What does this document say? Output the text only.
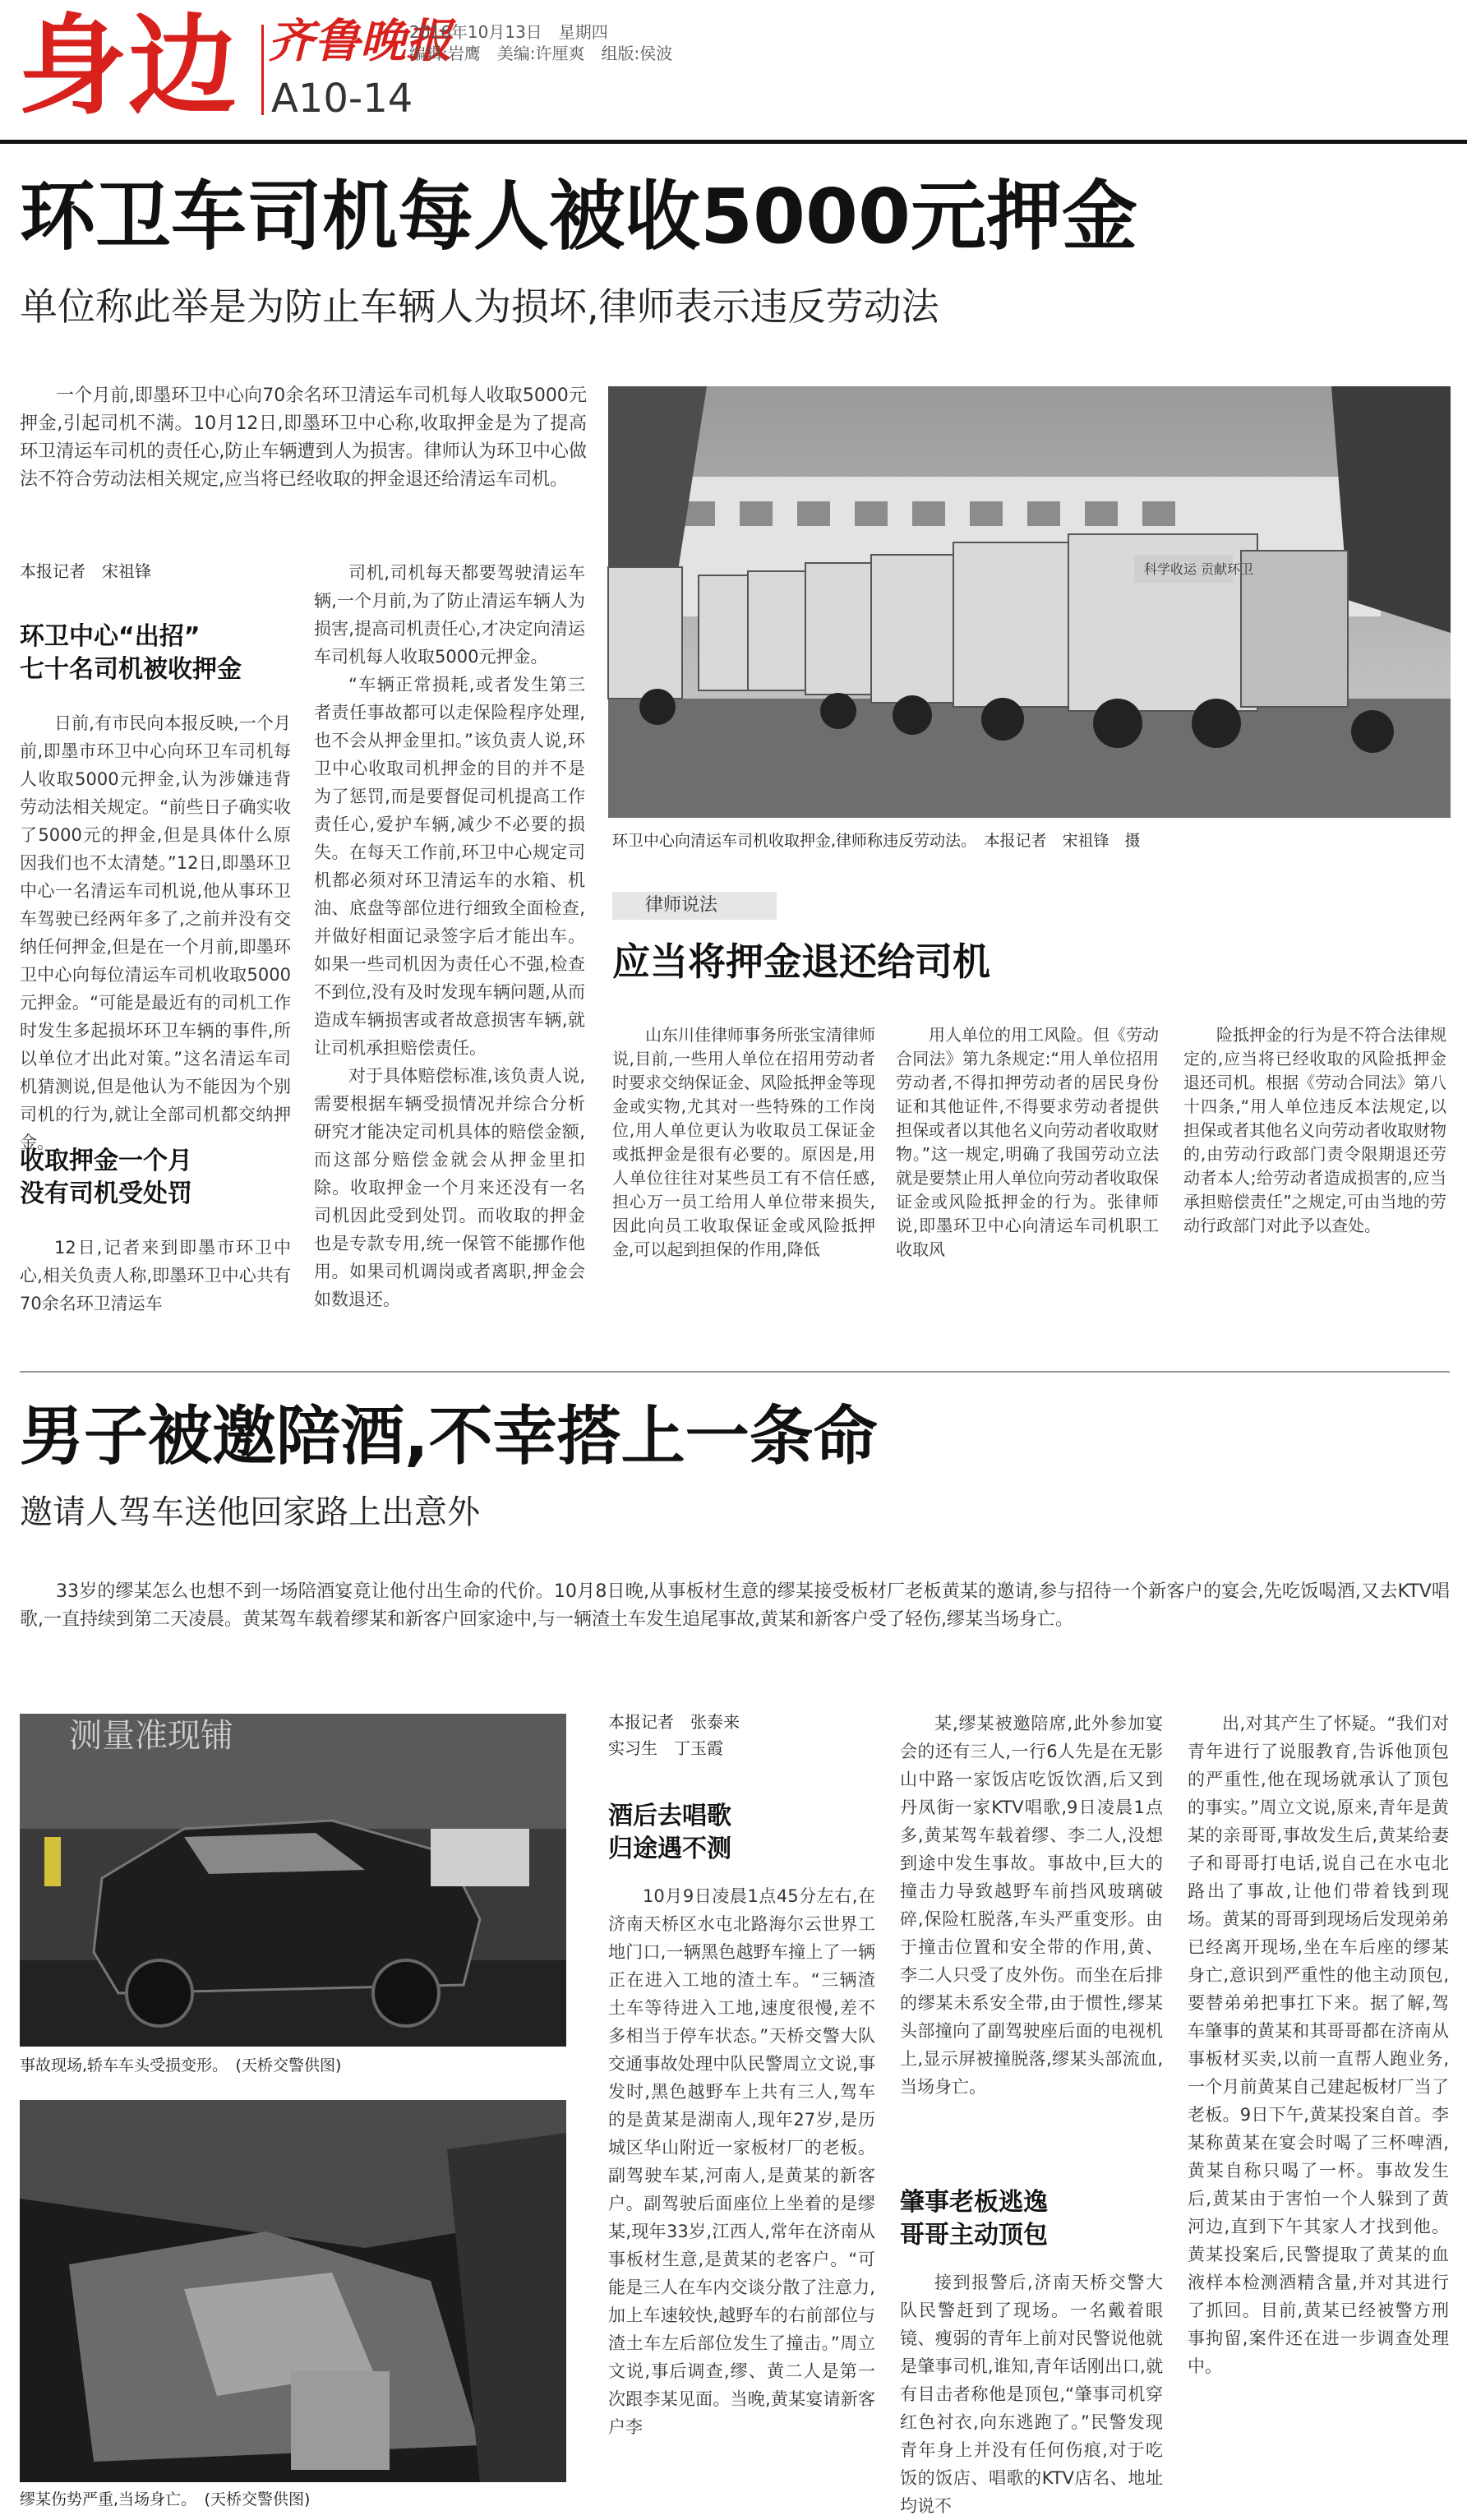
身边 齐鲁晚报
A10-14
2016年10月13日　星期四
编辑:岩鹰　美编:许厘爽　组版:侯波
环卫车司机每人被收5000元押金
单位称此举是为防止车辆人为损坏,律师表示违反劳动法

一个月前,即墨环卫中心向70余名环卫清运车司机每人收取5000元押金,引起司机不满。10月12日,即墨环卫中心称,收取押金是为了提高环卫清运车司机的责任心,防止车辆遭到人为损害。律师认为环卫中心做法不符合劳动法相关规定,应当将已经收取的押金退还给清运车司机。

本报记者　宋祖锋
环卫中心“出招”
七十名司机被收押金

日前,有市民向本报反映,一个月前,即墨市环卫中心向环卫车司机每人收取5000元押金,认为涉嫌违背劳动法相关规定。“前些日子确实收了5000元的押金,但是具体什么原因我们也不太清楚。”12日,即墨环卫中心一名清运车司机说,他从事环卫车驾驶已经两年多了,之前并没有交纳任何押金,但是在一个月前,即墨环卫中心向每位清运车司机收取5000元押金。“可能是最近有的司机工作时发生多起损坏环卫车辆的事件,所以单位才出此对策。”这名清运车司机猜测说,但是他认为不能因为个别司机的行为,就让全部司机都交纳押金。

收取押金一个月
没有司机受处罚

12日,记者来到即墨市环卫中心,相关负责人称,即墨环卫中心共有70余名环卫清运车

司机,司机每天都要驾驶清运车辆,一个月前,为了防止清运车辆人为损害,提高司机责任心,才决定向清运车司机每人收取5000元押金。

“车辆正常损耗,或者发生第三者责任事故都可以走保险程序处理,也不会从押金里扣。”该负责人说,环卫中心收取司机押金的目的并不是为了惩罚,而是要督促司机提高工作责任心,爱护车辆,减少不必要的损失。在每天工作前,环卫中心规定司机都必须对环卫清运车的水箱、机油、底盘等部位进行细致全面检查,并做好相面记录签字后才能出车。如果一些司机因为责任心不强,检查不到位,没有及时发现车辆问题,从而造成车辆损害或者故意损害车辆,就让司机承担赔偿责任。

对于具体赔偿标准,该负责人说,需要根据车辆受损情况并综合分析研究才能决定司机具体的赔偿金额,而这部分赔偿金就会从押金里扣除。收取押金一个月来还没有一名司机因此受到处罚。而收取的押金也是专款专用,统一保管不能挪作他用。如果司机调岗或者离职,押金会如数退还。

科学收运 贡献环卫
环卫中心向清运车司机收取押金,律师称违反劳动法。　本报记者　宋祖锋　摄
律师说法
应当将押金退还给司机

山东川佳律师事务所张宝清律师说,目前,一些用人单位在招用劳动者时要求交纳保证金、风险抵押金等现金或实物,尤其对一些特殊的工作岗位,用人单位更认为收取员工保证金或抵押金是很有必要的。原因是,用人单位往往对某些员工有不信任感,担心万一员工给用人单位带来损失,因此向员工收取保证金或风险抵押金,可以起到担保的作用,降低

用人单位的用工风险。但《劳动合同法》第九条规定:“用人单位招用劳动者,不得扣押劳动者的居民身份证和其他证件,不得要求劳动者提供担保或者以其他名义向劳动者收取财物。”这一规定,明确了我国劳动立法就是要禁止用人单位向劳动者收取保证金或风险抵押金的行为。张律师说,即墨环卫中心向清运车司机职工收取风

险抵押金的行为是不符合法律规定的,应当将已经收取的风险抵押金退还司机。根据《劳动合同法》第八十四条,“用人单位违反本法规定,以担保或者其他名义向劳动者收取财物的,由劳动行政部门责令限期退还劳动者本人;给劳动者造成损害的,应当承担赔偿责任”之规定,可由当地的劳动行政部门对此予以查处。

男子被邀陪酒,不幸搭上一条命
邀请人驾车送他回家路上出意外

33岁的缪某怎么也想不到一场陪酒宴竟让他付出生命的代价。10月8日晚,从事板材生意的缪某接受板材厂老板黄某的邀请,参与招待一个新客户的宴会,先吃饭喝酒,又去KTV唱歌,一直持续到第二天凌晨。黄某驾车载着缪某和新客户回家途中,与一辆渣土车发生追尾事故,黄某和新客户受了轻伤,缪某当场身亡。

测量准现铺
事故现场,轿车车头受损变形。　(天桥交警供图)
缪某伤势严重,当场身亡。　(天桥交警供图)
本报记者　张泰来
实习生　丁玉霞
酒后去唱歌
归途遇不测

10月9日凌晨1点45分左右,在济南天桥区水屯北路海尔云世界工地门口,一辆黑色越野车撞上了一辆正在进入工地的渣土车。“三辆渣土车等待进入工地,速度很慢,差不多相当于停车状态。”天桥交警大队交通事故处理中队民警周立文说,事发时,黑色越野车上共有三人,驾车的是黄某是湖南人,现年27岁,是历城区华山附近一家板材厂的老板。副驾驶车某,河南人,是黄某的新客户。副驾驶后面座位上坐着的是缪某,现年33岁,江西人,常年在济南从事板材生意,是黄某的老客户。“可能是三人在车内交谈分散了注意力,加上车速较快,越野车的右前部位与渣土车左后部位发生了撞击。”周立文说,事后调查,缪、黄二人是第一次跟李某见面。当晚,黄某宴请新客户李

某,缪某被邀陪席,此外参加宴会的还有三人,一行6人先是在无影山中路一家饭店吃饭饮酒,后又到丹凤街一家KTV唱歌,9日凌晨1点多,黄某驾车载着缪、李二人,没想到途中发生事故。事故中,巨大的撞击力导致越野车前挡风玻璃破碎,保险杠脱落,车头严重变形。由于撞击位置和安全带的作用,黄、李二人只受了皮外伤。而坐在后排的缪某未系安全带,由于惯性,缪某头部撞向了副驾驶座后面的电视机上,显示屏被撞脱落,缪某头部流血,当场身亡。

肇事老板逃逸
哥哥主动顶包

接到报警后,济南天桥交警大队民警赶到了现场。一名戴着眼镜、瘦弱的青年上前对民警说他就是肇事司机,谁知,青年话刚出口,就有目击者称他是顶包,“肇事司机穿红色衬衣,向东逃跑了。”民警发现青年身上并没有任何伤痕,对于吃饭的饭店、唱歌的KTV店名、地址均说不

出,对其产生了怀疑。“我们对青年进行了说服教育,告诉他顶包的严重性,他在现场就承认了顶包的事实。”周立文说,原来,青年是黄某的亲哥哥,事故发生后,黄某给妻子和哥哥打电话,说自己在水屯北路出了事故,让他们带着钱到现场。黄某的哥哥到现场后发现弟弟已经离开现场,坐在车后座的缪某身亡,意识到严重性的他主动顶包,要替弟弟把事扛下来。据了解,驾车肇事的黄某和其哥哥都在济南从事板材买卖,以前一直帮人跑业务,一个月前黄某自己建起板材厂当了老板。9日下午,黄某投案自首。李某称黄某在宴会时喝了三杯啤酒,黄某自称只喝了一杯。事故发生后,黄某由于害怕一个人躲到了黄河边,直到下午其家人才找到他。黄某投案后,民警提取了黄某的血液样本检测酒精含量,并对其进行了抓回。目前,黄某已经被警方刑事拘留,案件还在进一步调查处理中。
